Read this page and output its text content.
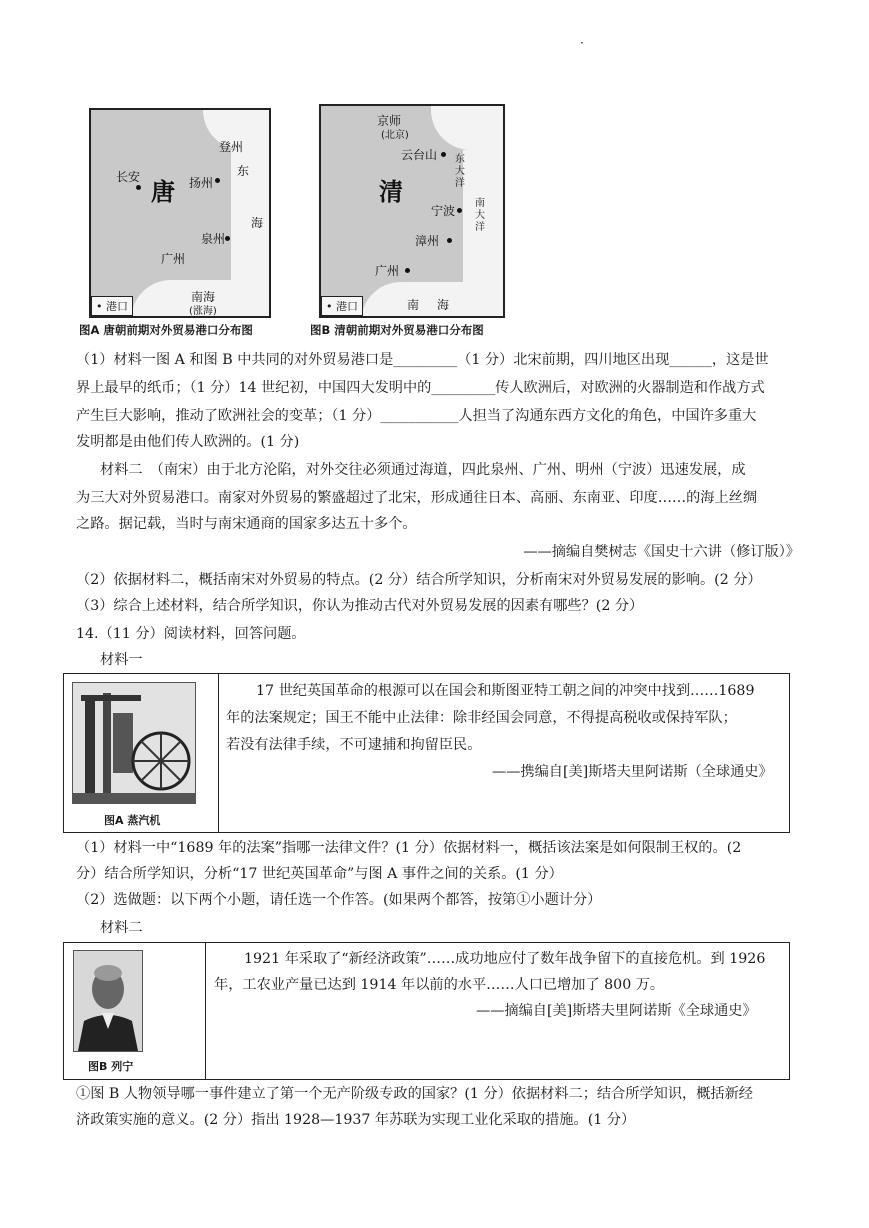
·
长安
登州
唐 扬州
东
海
泉州
广州
南海
(涨海)
• 港口
图A 唐朝前期对外贸易港口分布图
京师
(北京)
云台山 东
大
洋
清
宁波
南
大
洋
漳州
广州
南 海
• 港口
图B 清朝前期对外贸易港口分布图
（1）材料一图 A 和图 B 中共同的对外贸易港口是_________（1 分）北宋前期，四川地区出现______，这是世
界上最早的纸币；（1 分）14 世纪初，中国四大发明中的_________传人欧洲后，对欧洲的火器制造和作战方式
产生巨大影响，推动了欧洲社会的变革；（1 分）___________人担当了沟通东西方文化的角色，中国许多重大
发明都是由他们传人欧洲的。(1 分)
材料二　（南宋）由于北方沦陷，对外交往必须通过海道，四此泉州、广州、明州（宁波）迅速发展，成
为三大对外贸易港口。南家对外贸易的繁盛超过了北宋，形成通往日本、高丽、东南亚、印度……的海上丝绸
之路。据记载，当时与南宋通商的国家多达五十多个。
——摘编自樊树志《国史十六讲（修订版）》
（2）依据材料二，概括南宋对外贸易的特点。(2 分）结合所学知识，分析南宋对外贸易发展的影响。(2 分）
（3）综合上述材料，结合所学知识，你认为推动古代对外贸易发展的因素有哪些？(2 分）
14.（11 分）阅读材料，回答问题。
材料一
图A 蒸汽机
17 世纪英国革命的根源可以在国会和斯图亚特工朝之间的冲突中找到……1689
年的法案规定；国王不能中止法律：除非经国会同意，不得提高税收或保持军队；
若没有法律手续，不可逮捕和拘留臣民。
——携编自[美]斯塔夫里阿诺斯（全球通史》
（1）材料一中“1689 年的法案”指哪一法律文件？(1 分）依据材料一，概括该法案是如何限制王权的。(2
分）结合所学知识，分析“17 世纪英国革命”与图 A 事件之间的关系。(1 分）
（2）选做题：以下两个小题，请任选一个作答。(如果两个都答，按第①小题计分）
材料二
图B 列宁
1921 年采取了“新经济政策”……成功地应付了数年战争留下的直接危机。到 1926
年，工农业产量已达到 1914 年以前的水平……人口已增加了 800 万。
——摘编自[美]斯塔夫里阿诺斯《全球通史》
①图 B 人物领导哪一事件建立了第一个无产阶级专政的国家？(1 分）依据材料二；结合所学知识，概括新经
济政策实施的意义。(2 分）指出 1928—1937 年苏联为实现工业化采取的措施。(1 分）
